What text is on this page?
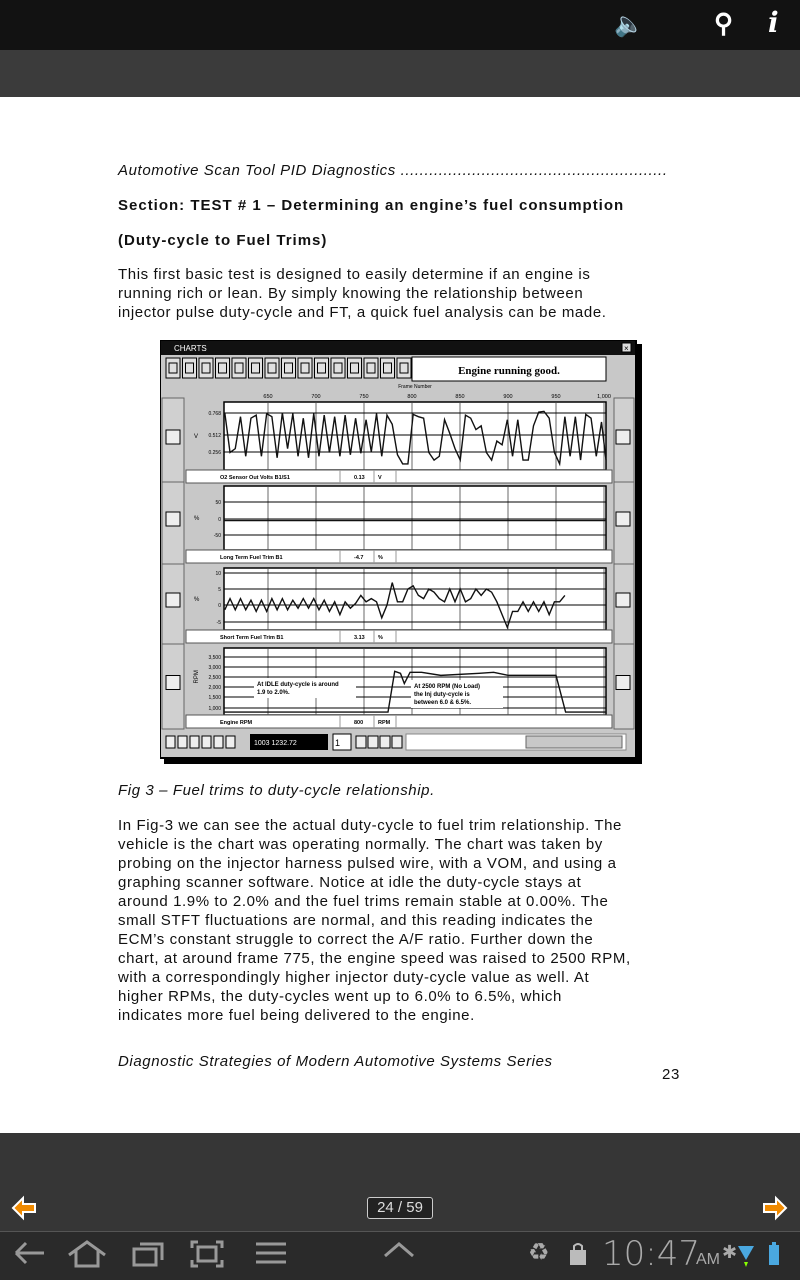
🔈	⚲ i
Automotive Scan Tool PID Diagnostics ........................................................
Section: TEST # 1 – Determining an engine’s fuel consumption
(Duty-cycle to Fuel Trims)
This first basic test is designed to easily determine if an engine is
running rich or lean. By simply knowing the relationship between
injector pulse duty-cycle and FT, a quick fuel analysis can be made.
Fig 3 – Fuel trims to duty-cycle relationship.
In Fig-3 we can see the actual duty-cycle to fuel trim relationship. The
vehicle is the chart was operating normally. The chart was taken by
probing on the injector harness pulsed wire, with a VOM, and using a
graphing scanner software. Notice at idle the duty-cycle stays at
around 1.9% to 2.0% and the fuel trims remain stable at 0.00%. The
small STFT fluctuations are normal, and this reading indicates the
ECM’s constant struggle to correct the A/F ratio. Further down the
chart, at around frame 775, the engine speed was raised to 2500 RPM,
with a correspondingly higher injector duty-cycle value as well. At
higher RPMs, the duty-cycles went up to 6.0% to 6.5%, which
indicates more fuel being delivered to the engine.
Diagnostic Strategies of Modern Automotive Systems Series
23
CHARTS	×
Engine running good.
Frame Number
650	700	750	800	850	900	950	1,000
0.768
0.512
0.256
V
O2 Sensor Out Volts B1/S1	0.13 V
50
0
-50
%
Long Term Fuel Trim B1	-4.7	%
10
5
0
-5
%
Short Term Fuel Trim B1	3.13 %
3,500
3,000
2,500
2,000
1,500
1,000
RPM
Engine RPM	800	RPM
At IDLE duty-cycle is around
1.9 to 2.0%.
At 2500 RPM (No Load)
the Inj duty-cycle is
between 6.0 & 6.5%.
1003 1232.72	1
24 / 59
♻ 10:47
AM ✱
